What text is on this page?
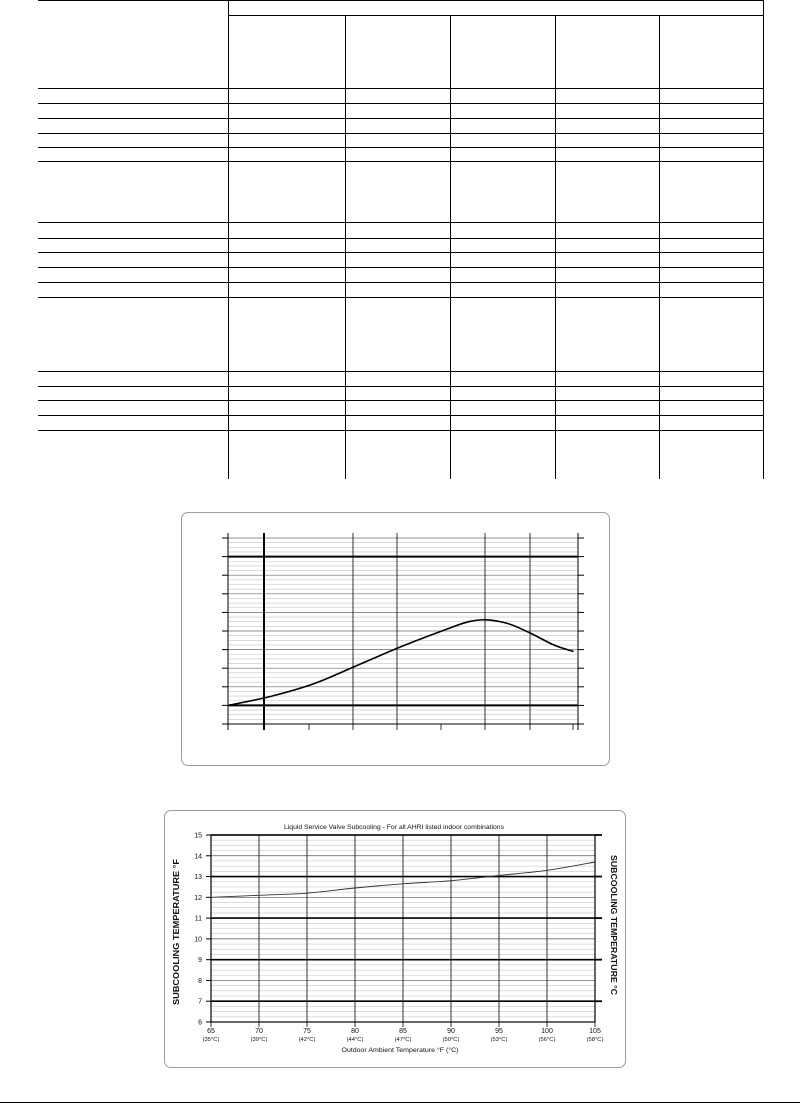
6
7
8
9
10
11
12
13
14
15
65
(35°C)
70
(39°C)
75
(42°C)
80
(44°C)
85
(47°C)
90
(50°C)
95
(53°C)
100
(56°C)
105
(58°C)
Liquid Service Valve Subcooling - For all AHRI listed indoor combinations
Outdoor Ambient Temperature °F (°C)
SUBCOOLING TEMPERATURE °F	SUBCOOLING TEMPERATURE °C
